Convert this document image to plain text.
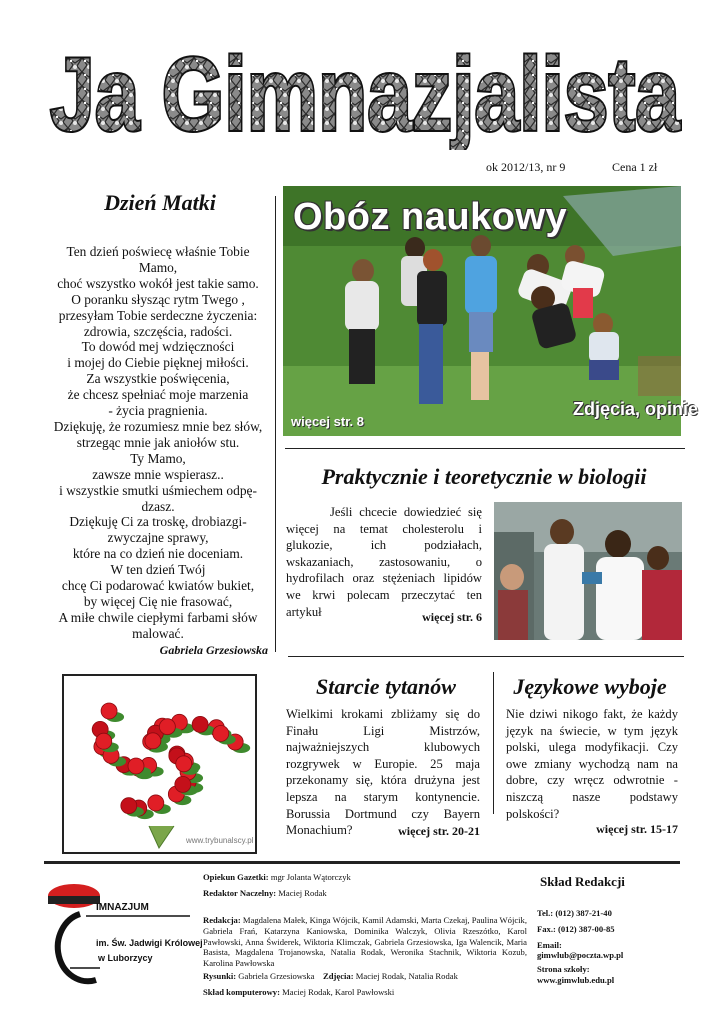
Ja Gimnazjalista
ok 2012/13, nr 9	Cena 1 zł
Dzień Matki
Ten dzień poświecę właśnie Tobie
Mamo,
choć wszystko wokół jest takie samo.
O poranku słysząc rytm Twego ,
przesyłam Tobie serdeczne życzenia:
zdrowia, szczęścia, radości.
To dowód mej wdzięczności
i mojej do Ciebie pięknej miłości.
Za wszystkie poświęcenia,
że chcesz spełniać moje marzenia
- życia pragnienia.
Dziękuję, że rozumiesz mnie bez słów,
strzegąc mnie jak aniołów stu.
Ty Mamo,
zawsze mnie wspierasz..
i wszystkie smutki uśmiechem odpę-
dzasz.
Dziękuję Ci za troskę, drobiazgi-
zwyczajne sprawy,
które na co dzień nie doceniam.
W ten dzień Twój
chcę Ci podarować kwiatów bukiet,
by więcej Cię nie frasować,
A miłe chwile ciepłymi farbami słów
malować.
Gabriela Grzesiowska
www.trybunalscy.pl
Obóz naukowy
Zdjęcia, opinie
więcej str. 8
Praktycznie i teoretycznie w biologii
Jeśli chcecie dowiedzieć się więcej na temat cholesterolu i glukozie, ich podziałach, wskazaniach, zastosowaniu, o hydrofilach oraz stężeniach lipidów we krwi polecam przeczytać ten artykuł	więcej str. 6
Starcie tytanów
Wielkimi krokami zbliżamy się do Finału Ligi Mistrzów, najważniejszych klubowych rozgrywek w Europie. 25 maja przekonamy się, która drużyna jest lepsza na starym kontynencie. Borussia Dortmund czy Bayern Monachium?	więcej str. 20-21
Językowe wyboje
Nie dziwi nikogo fakt, że każdy język na świecie, w tym język polski, ulega modyfikacji. Czy owe zmiany wychodzą nam na dobre, czy wręcz odwrotnie - niszczą nasze podstawy polskości?
więcej str. 15-17
IMNAZJUM
im. Św. Jadwigi Królowej
w Luborzycy
Opiekun Gazetki: mgr Jolanta Wątorczyk
Redaktor Naczelny: Maciej Rodak
Redakcja: Magdalena Małek, Kinga Wójcik, Kamil Adamski, Marta Czekaj, Paulina Wójcik, Gabriela Frań, Katarzyna Kaniowska, Dominika Walczyk, Olivia Rzeszótko, Karol Pawłowski, Anna Świderek, Wiktoria Klimczak, Gabriela Grzesiowska, Iga Walencik, Maria Basista, Magdalena Trojanowska, Natalia Rodak, Weronika Stachnik, Wiktoria Kozub, Karolina Pawłowska
Rysunki: Gabriela Grzesiowska Zdjęcia: Maciej Rodak, Natalia Rodak
Skład komputerowy: Maciej Rodak, Karol Pawłowski
Skład Redakcji
Tel.: (012) 387-21-40
Fax.: (012) 387-00-85
Email:
gimwlub@poczta.wp.pl
Strona szkoły:
www.gimwlub.edu.pl
